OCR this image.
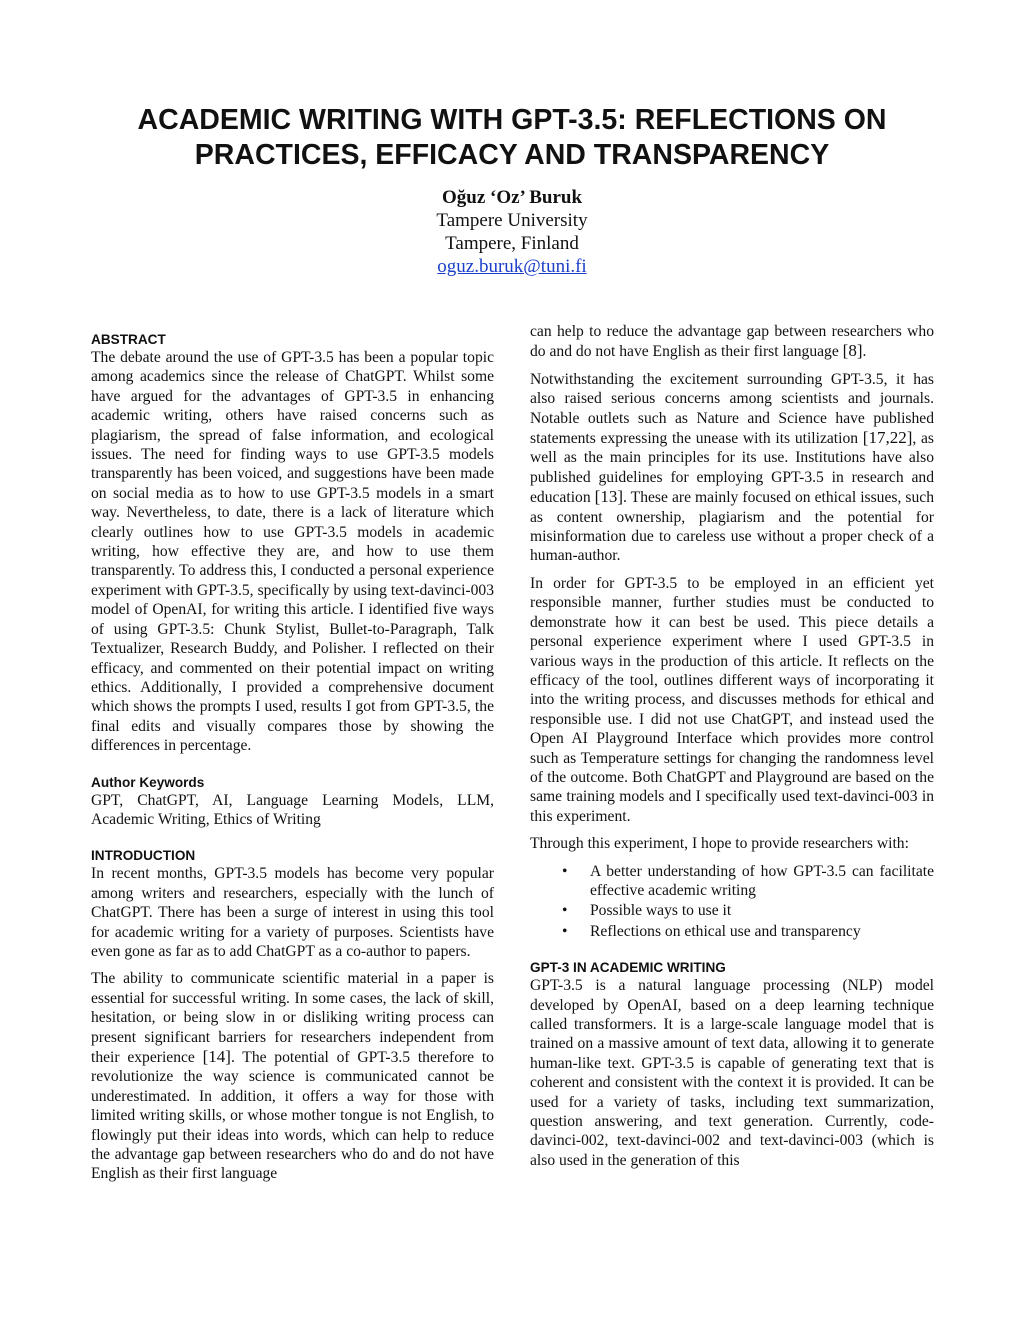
ACADEMIC WRITING WITH GPT-3.5: REFLECTIONS ON
PRACTICES, EFFICACY AND TRANSPARENCY
Oğuz ‘Oz’ Buruk
Tampere University
Tampere, Finland
oguz.buruk@tuni.fi
ABSTRACT

The debate around the use of GPT-3.5 has been a popular topic among academics since the release of ChatGPT. Whilst some have argued for the advantages of GPT-3.5 in enhancing academic writing, others have raised concerns such as plagiarism, the spread of false information, and ecological issues. The need for finding ways to use GPT-3.5 models transparently has been voiced, and suggestions have been made on social media as to how to use GPT-3.5 models in a smart way. Nevertheless, to date, there is a lack of literature which clearly outlines how to use GPT-3.5 models in academic writing, how effective they are, and how to use them transparently. To address this, I conducted a personal experience experiment with GPT-3.5, specifically by using text-davinci-003 model of OpenAI, for writing this article. I identified five ways of using GPT-3.5: Chunk Stylist, Bullet-to-Paragraph, Talk Textualizer, Research Buddy, and Polisher. I reflected on their efficacy, and commented on their potential impact on writing ethics. Additionally, I provided a comprehensive document which shows the prompts I used, results I got from GPT-3.5, the final edits and visually compares those by showing the differences in percentage.

Author Keywords

GPT, ChatGPT, AI, Language Learning Models, LLM, Academic Writing, Ethics of Writing

INTRODUCTION

In recent months, GPT-3.5 models has become very popular among writers and researchers, especially with the lunch of ChatGPT. There has been a surge of interest in using this tool for academic writing for a variety of purposes. Scientists have even gone as far as to add ChatGPT as a co-author to papers.

The ability to communicate scientific material in a paper is essential for successful writing. In some cases, the lack of skill, hesitation, or being slow in or disliking writing process can present significant barriers for researchers independent from their experience [14]. The potential of GPT-3.5 therefore to revolutionize the way science is communicated cannot be underestimated. In addition, it offers a way for those with limited writing skills, or whose mother tongue is not English, to flowingly put their ideas into words, which can help to reduce the advantage gap between researchers who do and do not have English as their first language

can help to reduce the advantage gap between researchers who do and do not have English as their first language [8].

Notwithstanding the excitement surrounding GPT-3.5, it has also raised serious concerns among scientists and journals. Notable outlets such as Nature and Science have published statements expressing the unease with its utilization [17,22], as well as the main principles for its use. Institutions have also published guidelines for employing GPT-3.5 in research and education [13]. These are mainly focused on ethical issues, such as content ownership, plagiarism and the potential for misinformation due to careless use without a proper check of a human-author.

In order for GPT-3.5 to be employed in an efficient yet responsible manner, further studies must be conducted to demonstrate how it can best be used. This piece details a personal experience experiment where I used GPT-3.5 in various ways in the production of this article. It reflects on the efficacy of the tool, outlines different ways of incorporating it into the writing process, and discusses methods for ethical and responsible use. I did not use ChatGPT, and instead used the Open AI Playground Interface which provides more control such as Temperature settings for changing the randomness level of the outcome. Both ChatGPT and Playground are based on the same training models and I specifically used text-davinci-003 in this experiment.

Through this experiment, I hope to provide researchers with:

• A better understanding of how GPT-3.5 can facilitate effective academic writing
• Possible ways to use it
• Reflections on ethical use and transparency
GPT-3 IN ACADEMIC WRITING

GPT-3.5 is a natural language processing (NLP) model developed by OpenAI, based on a deep learning technique called transformers. It is a large-scale language model that is trained on a massive amount of text data, allowing it to generate human-like text. GPT-3.5 is capable of generating text that is coherent and consistent with the context it is provided. It can be used for a variety of tasks, including text summarization, question answering, and text generation. Currently, code-davinci-002, text-davinci-002 and text-davinci-003 (which is also used in the generation of this
